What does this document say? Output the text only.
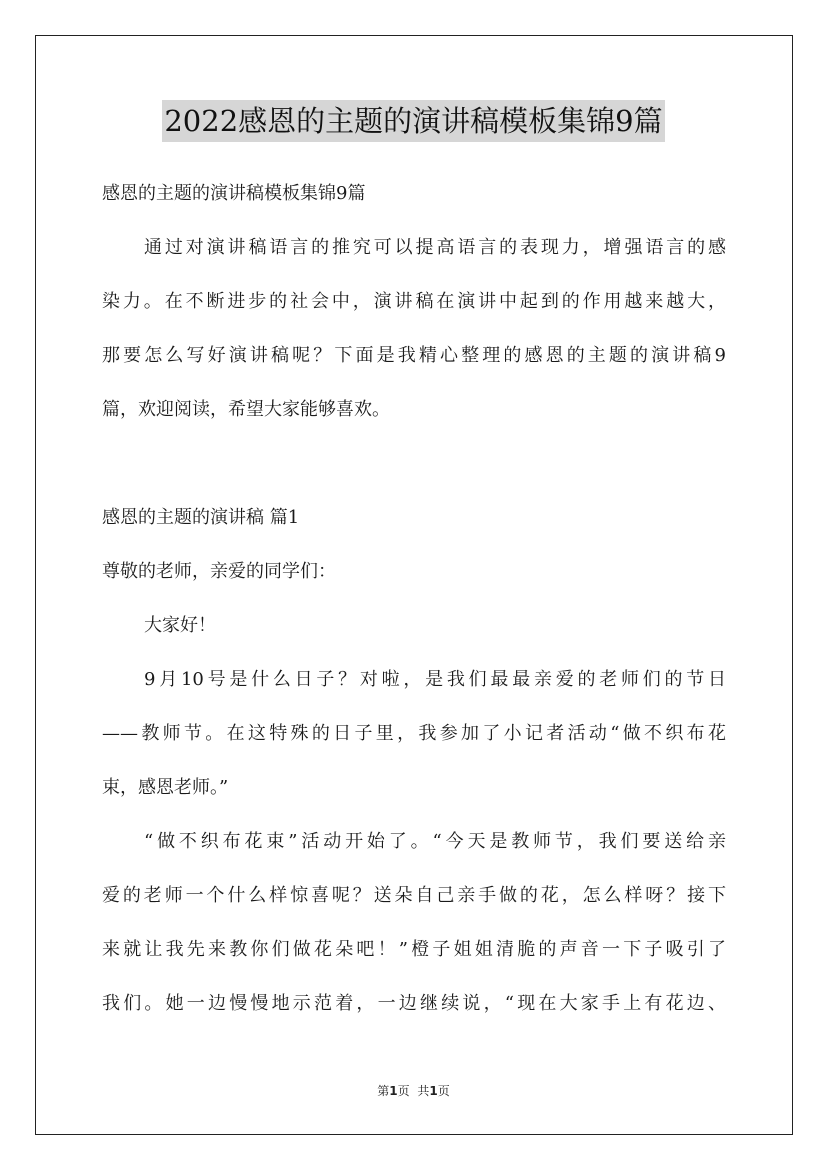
2022感恩的主题的演讲稿模板集锦9篇

感恩的主题的演讲稿模板集锦9篇

通过对演讲稿语言的推究可以提高语言的表现力，增强语言的感

染力。在不断进步的社会中，演讲稿在演讲中起到的作用越来越大，

那要怎么写好演讲稿呢？下面是我精心整理的感恩的主题的演讲稿9

篇，欢迎阅读，希望大家能够喜欢。

感恩的主题的演讲稿 篇1

尊敬的老师，亲爱的同学们：

大家好！

9月10号是什么日子？对啦，是我们最最亲爱的老师们的节日

——教师节。在这特殊的日子里，我参加了小记者活动“做不织布花

束，感恩老师。”

“做不织布花束”活动开始了。“今天是教师节，我们要送给亲

爱的老师一个什么样惊喜呢？送朵自己亲手做的花，怎么样呀？接下

来就让我先来教你们做花朵吧！”橙子姐姐清脆的声音一下子吸引了

我们。她一边慢慢地示范着，一边继续说，“现在大家手上有花边、

第1页 共1页
